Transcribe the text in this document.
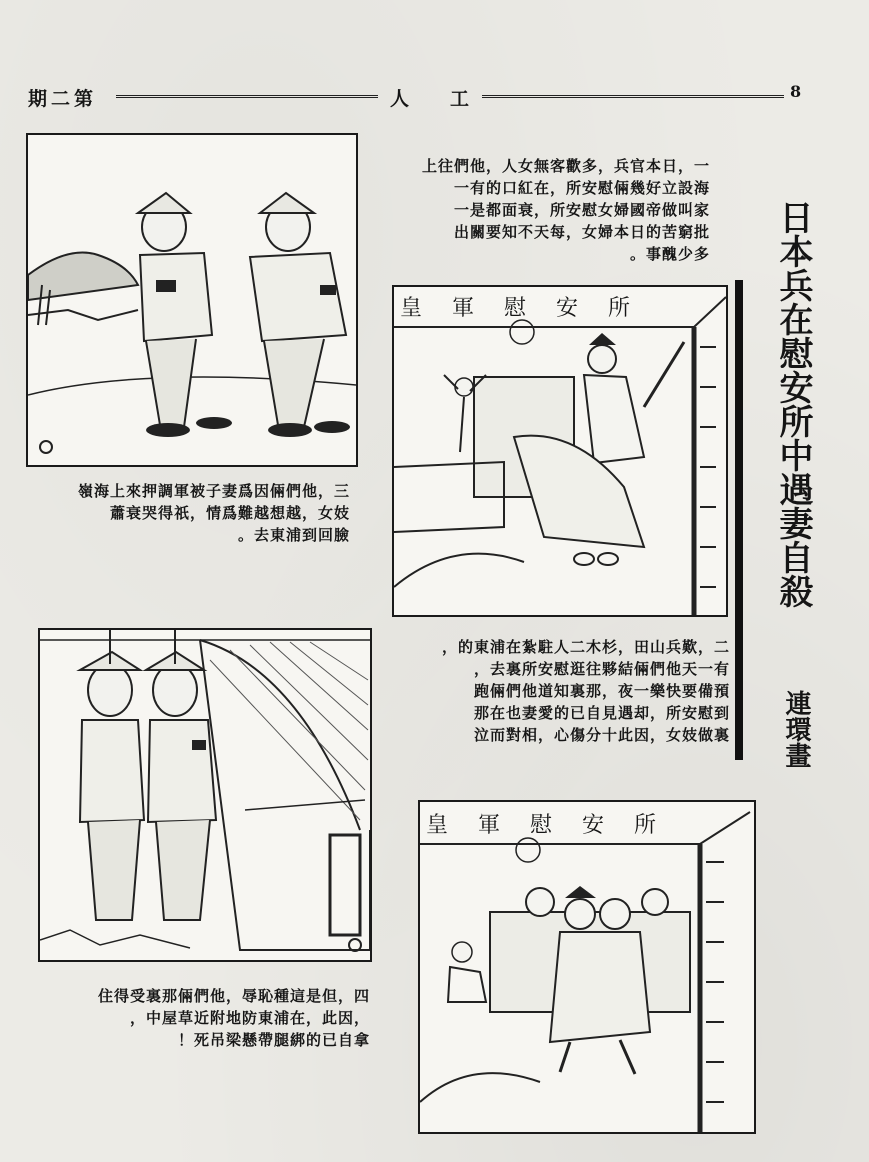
期二第	人 工	8
嶺海上來押調軍被子妻爲因倆們他，三
蕭衰哭得祇，情爲難越想越，女妓
。去東浦到回臉
上往們他，人女無客歡多，兵官本日，一
一有的口紅在，所安慰倆幾好立設海
一是都面衰，所安慰女婦國帝做叫家
出關要知不天每，女婦本日的苦窮批
。事醜少多
皇軍慰安所	日本兵在慰安所中遇妻自殺
連環畫
，的東浦在紮駐人二木杉，田山兵歎，二
，去裏所安慰逛往夥結倆們他天一有
跑倆們他道知裏那，夜一樂快要備預
那在也妻愛的已自見遇却，所安慰到
泣而對相，心傷分十此因，女妓做裏
住得受裏那倆們他，辱恥種這是但，四
，中屋草近附地防東浦在，此因，
！死吊梁懸帶腿綁的已自拿
皇軍慰安所
